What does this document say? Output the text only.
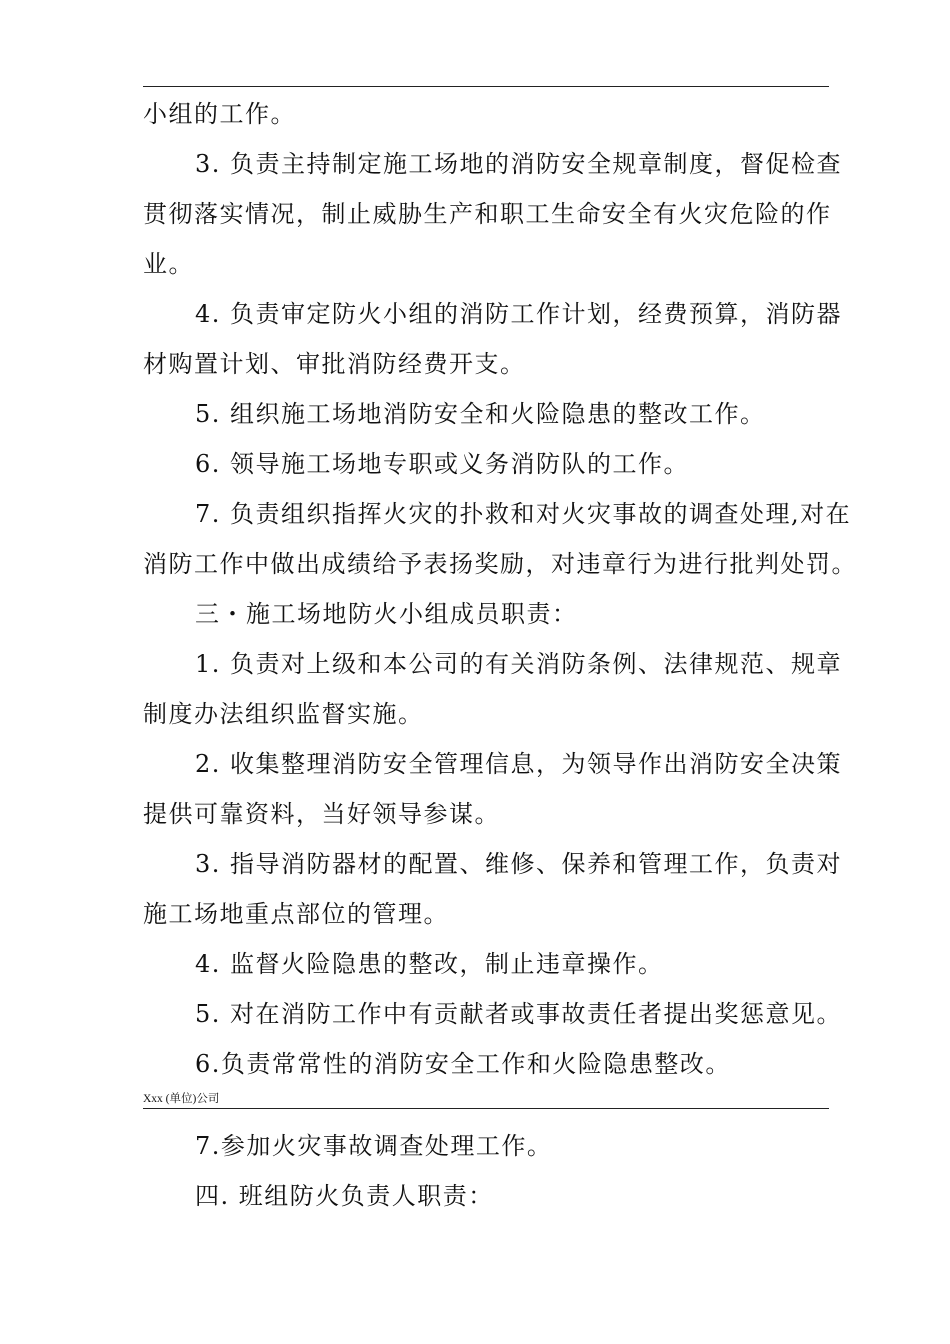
小组的工作。
3. 负责主持制定施工场地的消防安全规章制度，督促检查
贯彻落实情况，制止威胁生产和职工生命安全有火灾危险的作
业。
4. 负责审定防火小组的消防工作计划，经费预算，消防器
材购置计划、审批消防经费开支。
5. 组织施工场地消防安全和火险隐患的整改工作。
6. 领导施工场地专职或义务消防队的工作。
7. 负责组织指挥火灾的扑救和对火灾事故的调查处理,对在
消防工作中做出成绩给予表扬奖励，对违章行为进行批判处罚。
三・施工场地防火小组成员职责：
1. 负责对上级和本公司的有关消防条例、法律规范、规章
制度办法组织监督实施。
2. 收集整理消防安全管理信息，为领导作出消防安全决策
提供可靠资料，当好领导参谋。
3. 指导消防器材的配置、维修、保养和管理工作，负责对
施工场地重点部位的管理。
4. 监督火险隐患的整改，制止违章操作。
5. 对在消防工作中有贡献者或事故责任者提出奖惩意见。
6.负责常常性的消防安全工作和火险隐患整改。
Xxx (单位)公司
7.参加火灾事故调查处理工作。
四. 班组防火负责人职责：
